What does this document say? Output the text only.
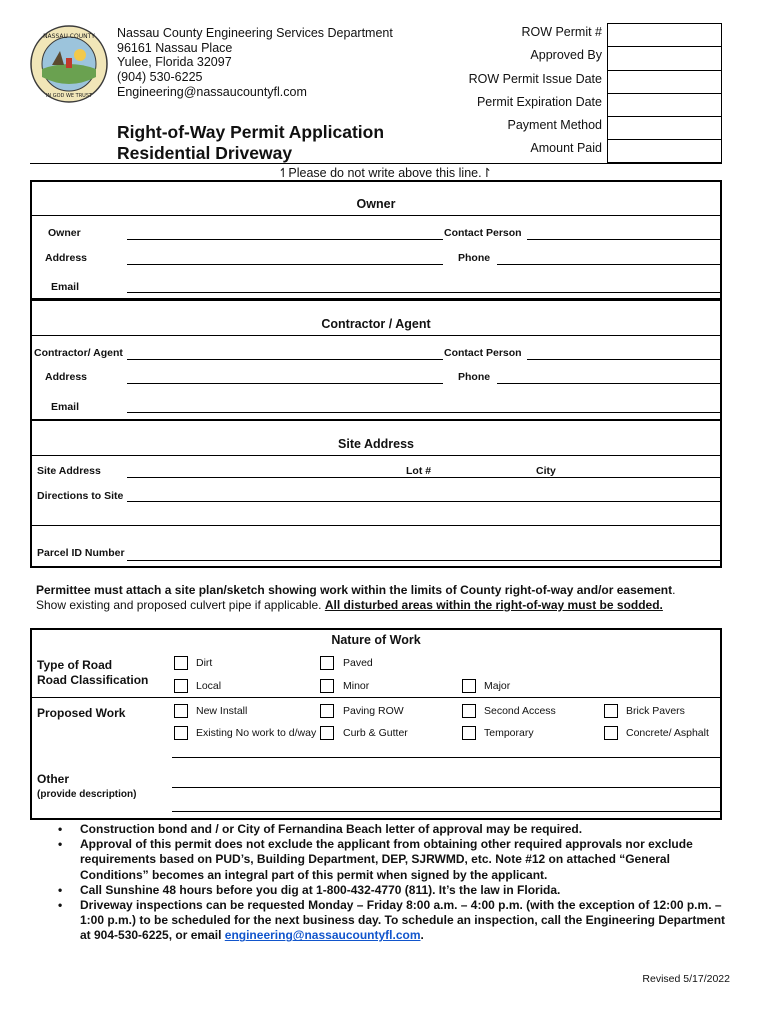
NASSAU COUNTY
IN GOD WE TRUST
Nassau County Engineering Services Department
96161 Nassau Place
Yulee, Florida 32097
(904) 530-6225
Engineering@nassaucountyfl.com
Right-of-Way Permit Application
Residential Driveway
ROW Permit #
Approved By
ROW Permit Issue Date
Permit Expiration Date
Payment Method
Amount Paid
↿Please do not write above this line.↾
Owner
Owner	Contact Person
Address	Phone
Email
Contractor / Agent
Contractor/ Agent	Contact Person
Address	Phone
Email
Site Address
Site Address	Lot #	City
Directions to Site
Parcel ID Number
Permittee must attach a site plan/sketch showing work within the limits of County right-of-way and/or easement.
Show existing and proposed culvert pipe if applicable. All disturbed areas within the right-of-way must be sodded.
Nature of Work
Type of Road
Road Classification
Dirt	Paved
Local	Minor	Major
Proposed Work	New Install	Paving ROW	Second Access	Brick Pavers
Existing No work to d/way	Curb & Gutter	Temporary	Concrete/ Asphalt
Other
(provide description)
• Construction bond and / or City of Fernandina Beach letter of approval may be required.
• Approval of this permit does not exclude the applicant from obtaining other required approvals nor exclude requirements based on PUD’s, Building Department, DEP, SJRWMD, etc. Note #12 on attached “General Conditions” becomes an integral part of this permit when signed by the applicant.
• Call Sunshine 48 hours before you dig at 1-800-432-4770 (811). It’s the law in Florida.
• Driveway inspections can be requested Monday – Friday 8:00 a.m. – 4:00 p.m. (with the exception of 12:00 p.m. – 1:00 p.m.) to be scheduled for the next business day. To schedule an inspection, call the Engineering Department at 904-530-6225, or email engineering@nassaucountyfl.com.
Revised 5/17/2022
